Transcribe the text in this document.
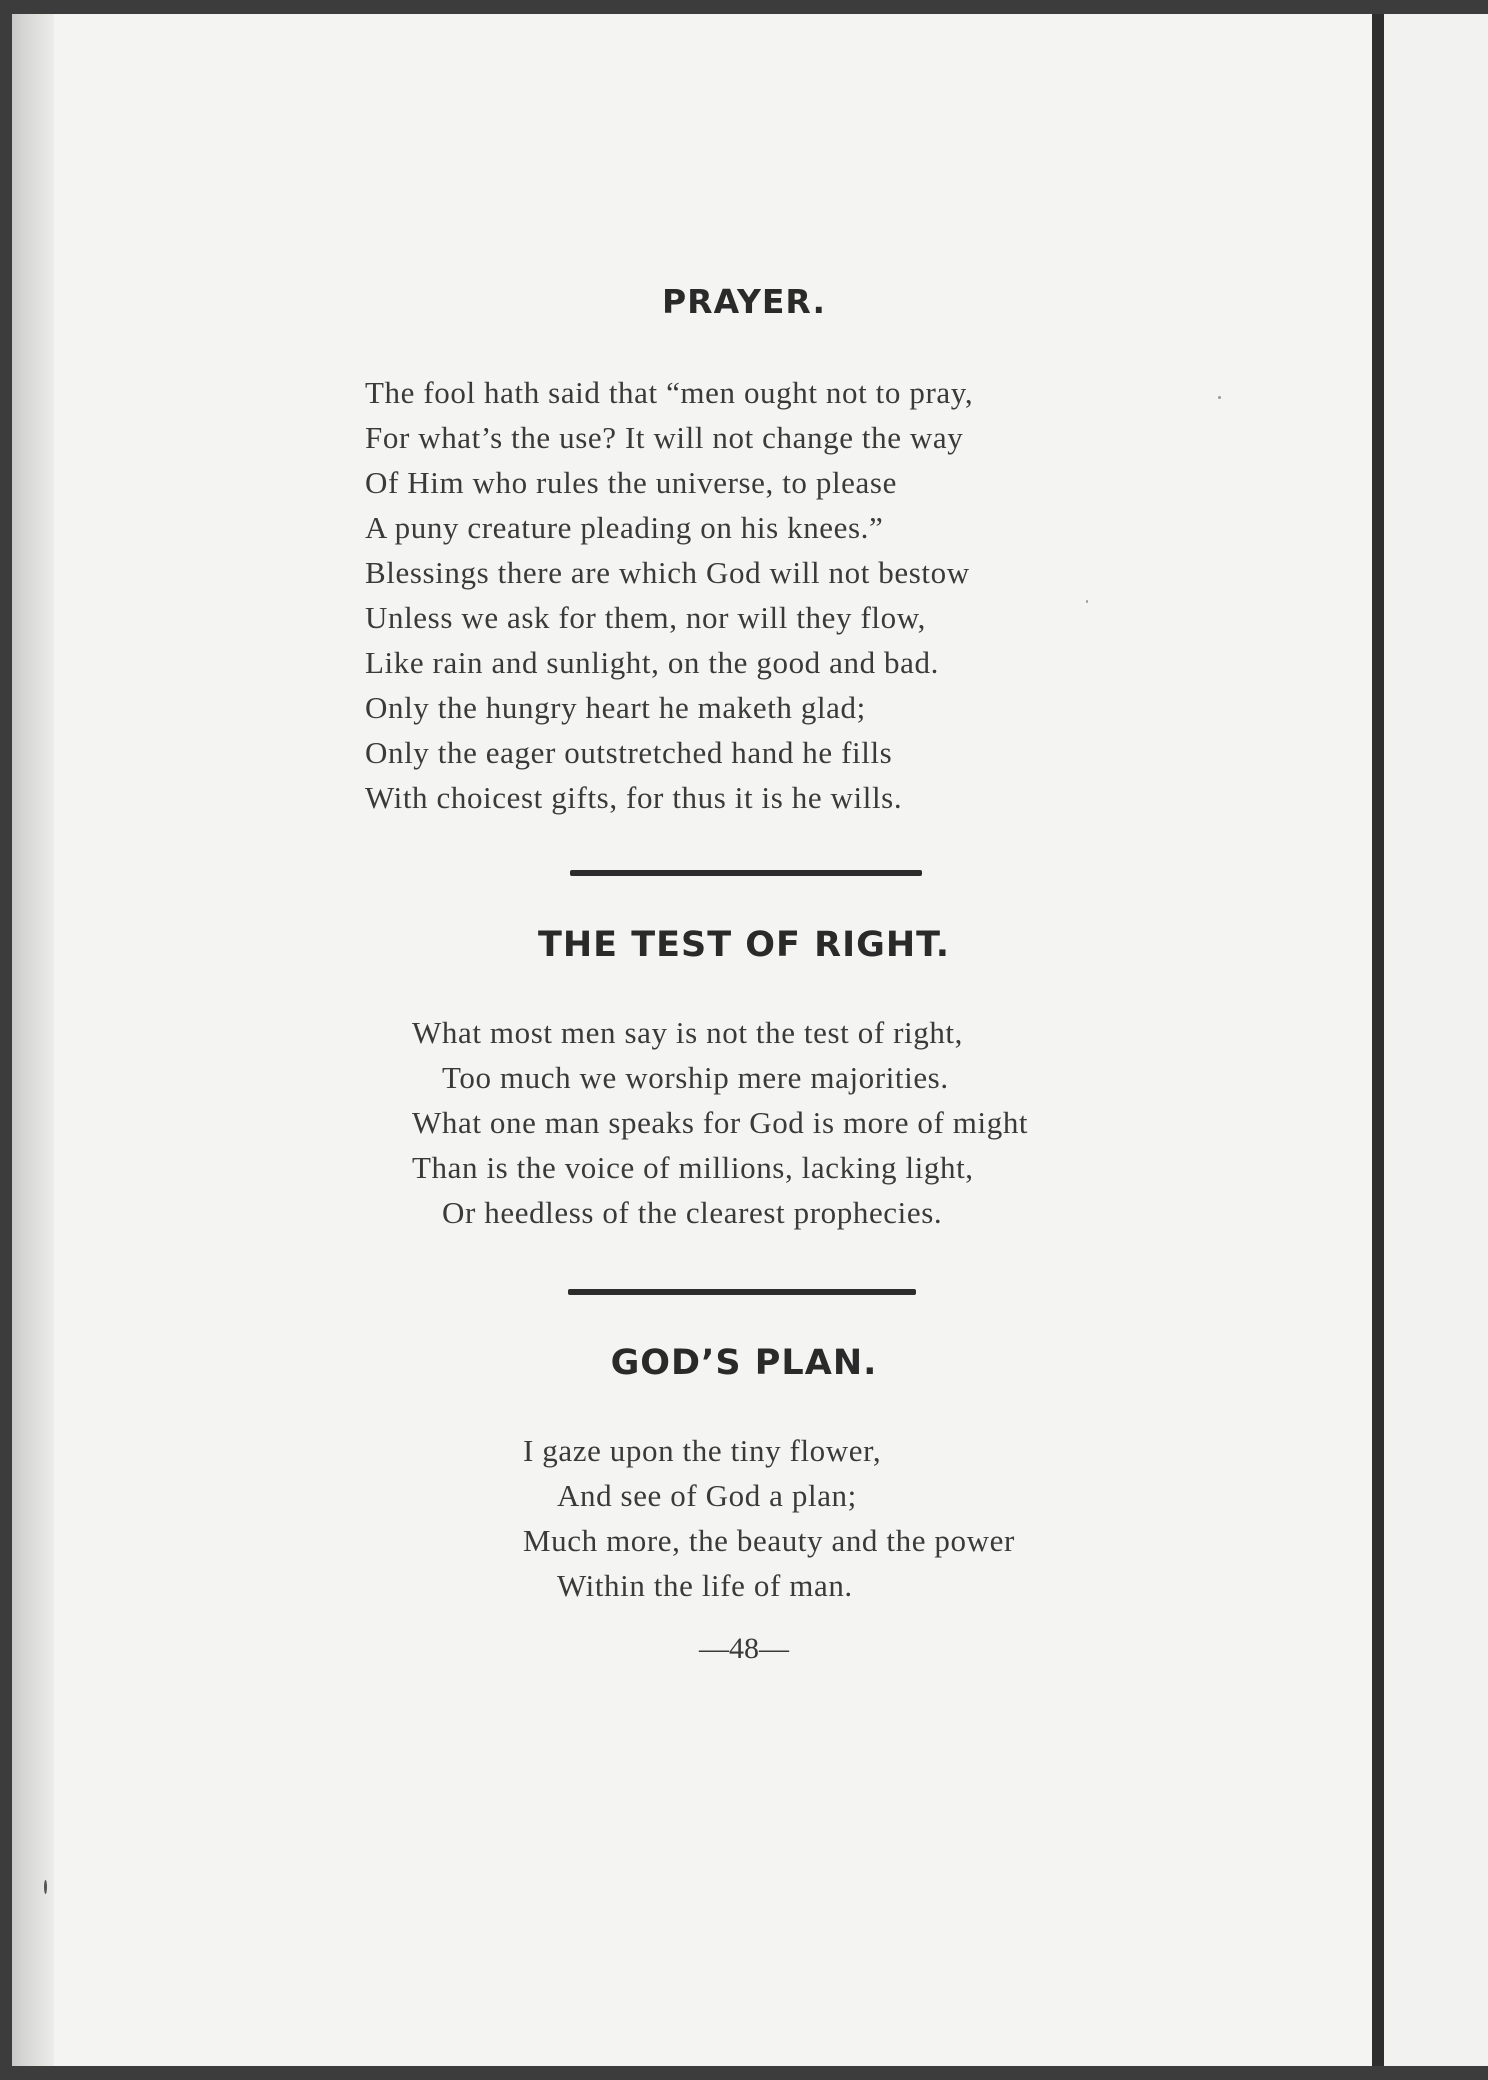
PRAYER.
The fool hath said that “men ought not to pray,
For what’s the use? It will not change the way
Of Him who rules the universe, to please
A puny creature pleading on his knees.”
Blessings there are which God will not bestow
Unless we ask for them, nor will they flow,
Like rain and sunlight, on the good and bad.
Only the hungry heart he maketh glad;
Only the eager outstretched hand he fills
With choicest gifts, for thus it is he wills.
THE TEST OF RIGHT.
What most men say is not the test of right,
Too much we worship mere majorities.
What one man speaks for God is more of might
Than is the voice of millions, lacking light,
Or heedless of the clearest prophecies.
GOD’S PLAN.
I gaze upon the tiny flower,
And see of God a plan;
Much more, the beauty and the power
Within the life of man.
—48—
